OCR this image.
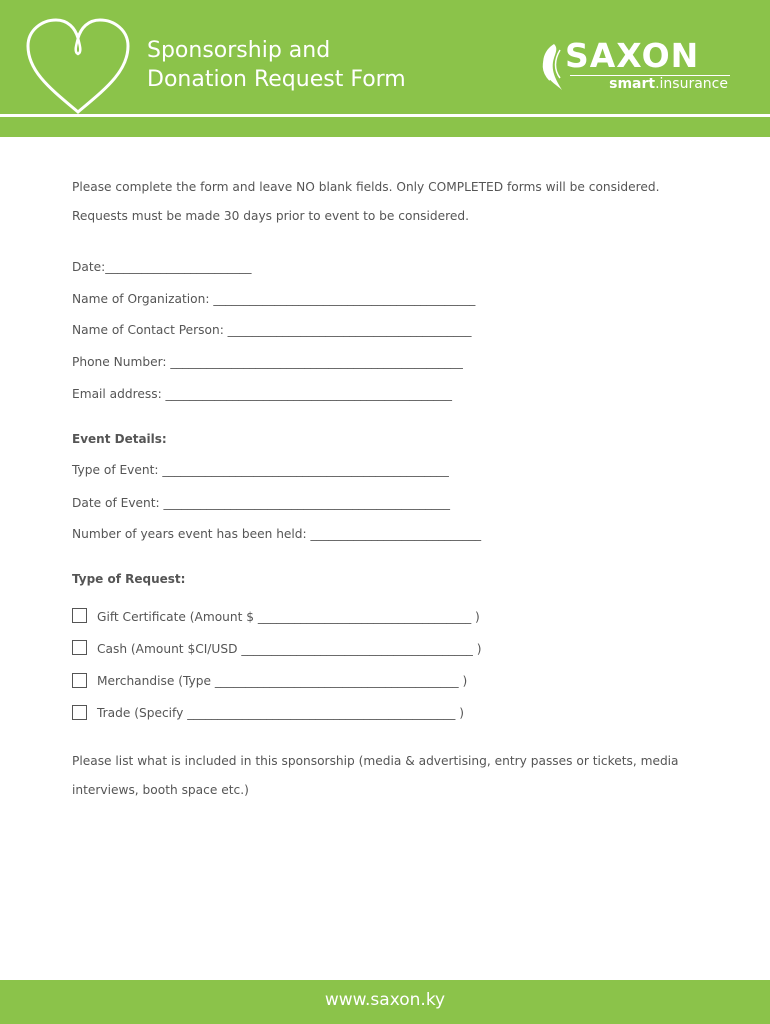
Sponsorship and
Donation Request Form
SAXON
smart.insurance
Please complete the form and leave NO blank fields. Only COMPLETED forms will be considered.
Requests must be made 30 days prior to event to be considered.
Date:________________________
Name of Organization: ___________________________________________
Name of Contact Person: ________________________________________
Phone Number: ________________________________________________
Email address: _______________________________________________
Event Details:
Type of Event: _______________________________________________
Date of Event: _______________________________________________
Number of years event has been held: ____________________________
Type of Request:
Gift Certificate (Amount $ ___________________________________ )
Cash (Amount $CI/USD ______________________________________ )
Merchandise (Type ________________________________________ )
Trade (Specify ____________________________________________ )
Please list what is included in this sponsorship (media & advertising, entry passes or tickets, media interviews, booth space etc.)
www.saxon.ky
